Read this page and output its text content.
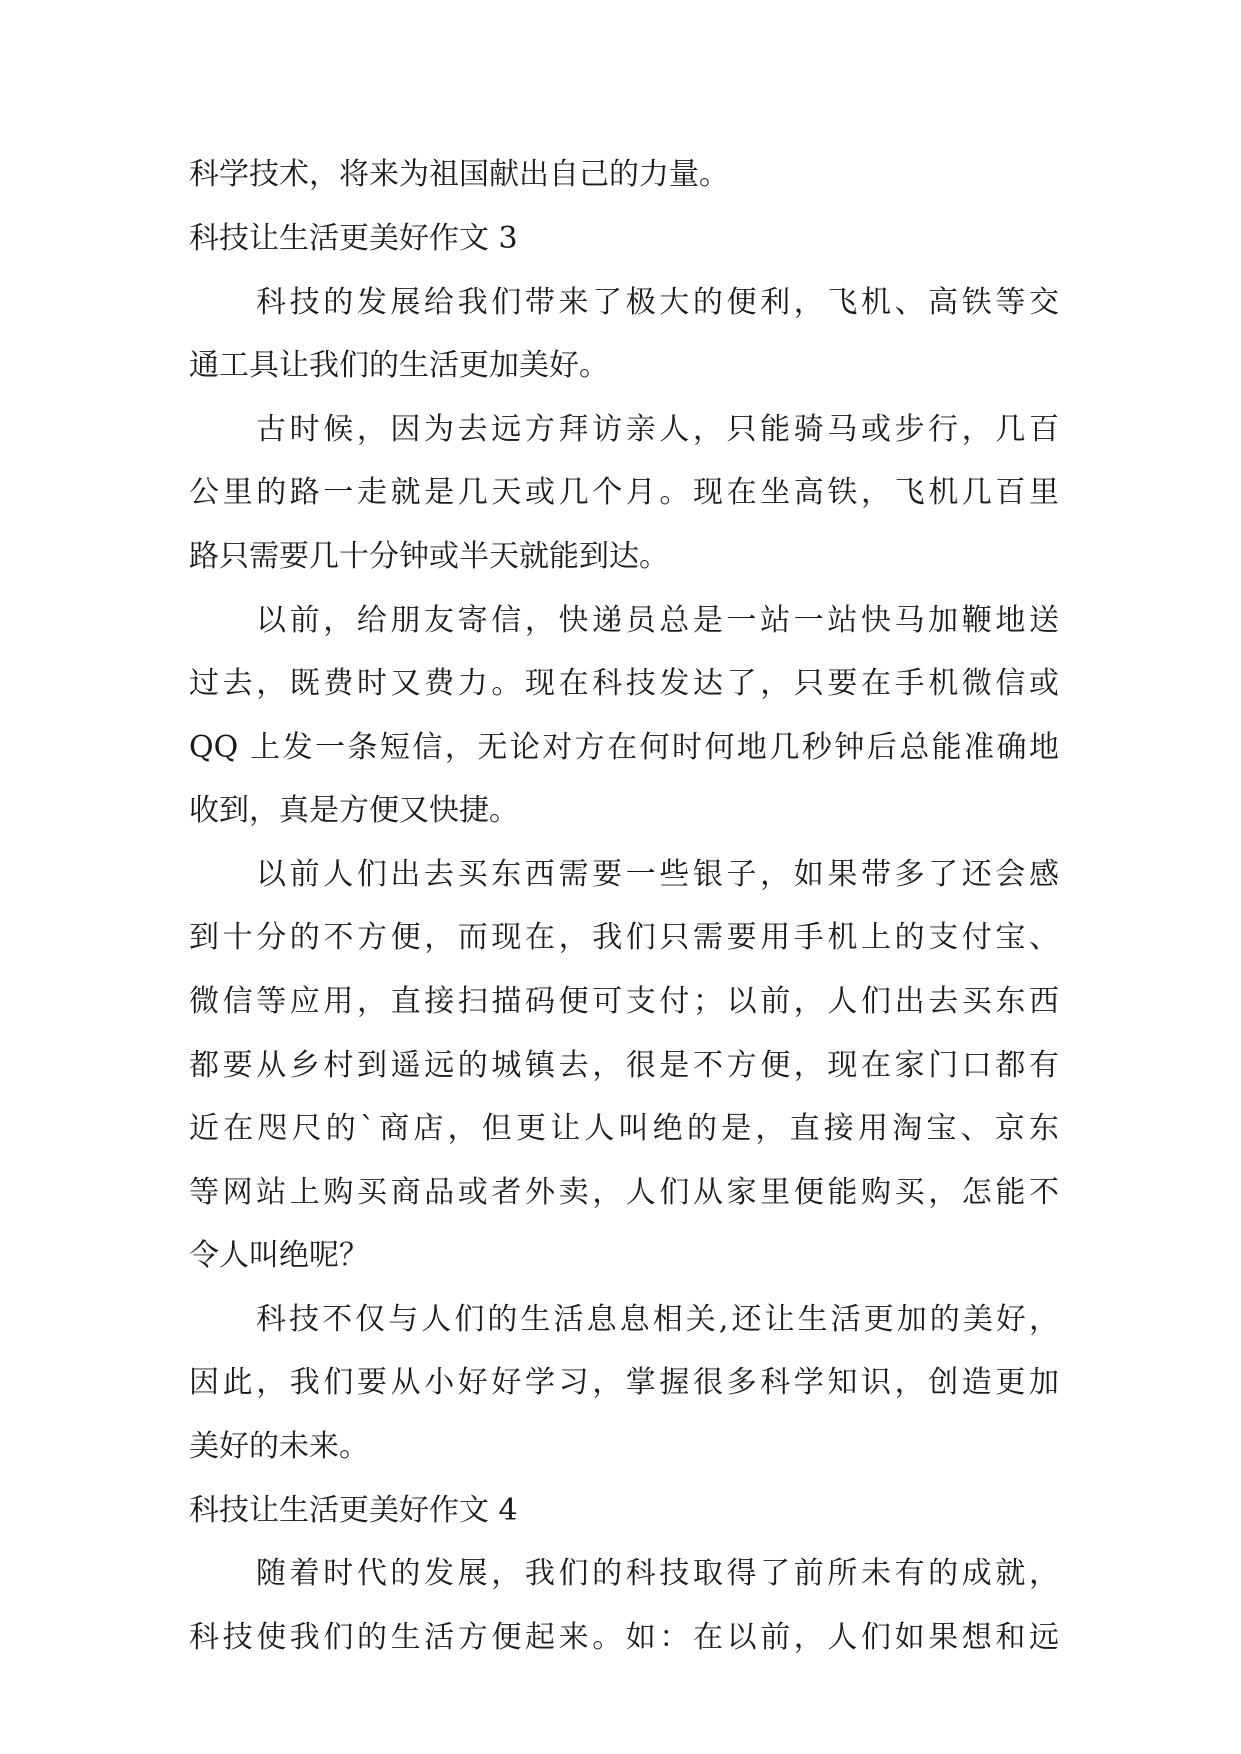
科学技术，将来为祖国献出自己的力量。
科技让生活更美好作文 3
科技的发展给我们带来了极大的便利，飞机、高铁等交
通工具让我们的生活更加美好。
古时候，因为去远方拜访亲人，只能骑马或步行，几百
公里的路一走就是几天或几个月。现在坐高铁，飞机几百里
路只需要几十分钟或半天就能到达。
以前，给朋友寄信，快递员总是一站一站快马加鞭地送
过去，既费时又费力。现在科技发达了，只要在手机微信或
QQ 上发一条短信，无论对方在何时何地几秒钟后总能准确地
收到，真是方便又快捷。
以前人们出去买东西需要一些银子，如果带多了还会感
到十分的不方便，而现在，我们只需要用手机上的支付宝、
微信等应用，直接扫描码便可支付；以前，人们出去买东西
都要从乡村到遥远的城镇去，很是不方便，现在家门口都有
近在咫尺的`商店，但更让人叫绝的是，直接用淘宝、京东
等网站上购买商品或者外卖，人们从家里便能购买，怎能不
令人叫绝呢？
科技不仅与人们的生活息息相关,还让生活更加的美好，
因此，我们要从小好好学习，掌握很多科学知识，创造更加
美好的未来。
科技让生活更美好作文 4
随着时代的发展，我们的科技取得了前所未有的成就，
科技使我们的生活方便起来。如：在以前，人们如果想和远
